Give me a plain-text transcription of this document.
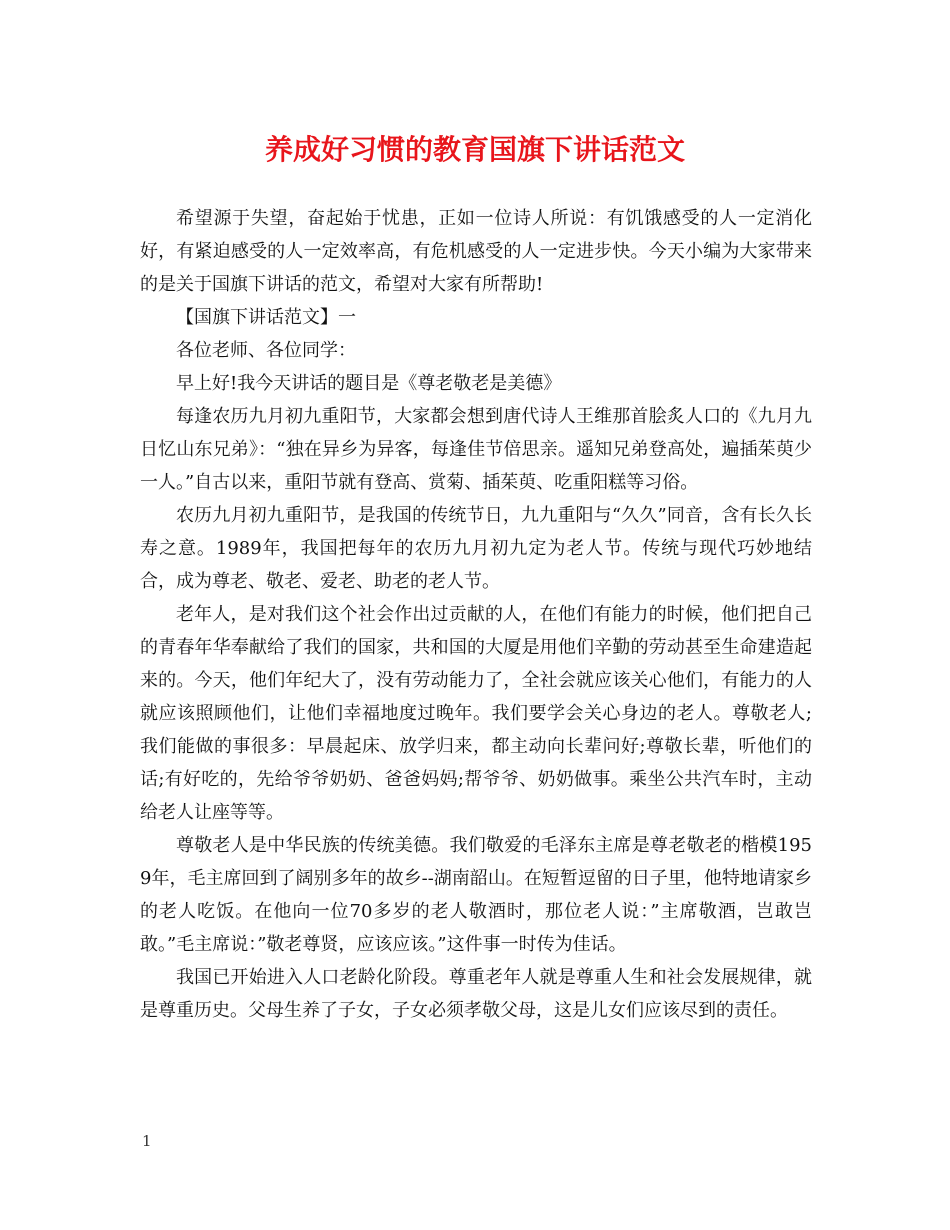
养成好习惯的教育国旗下讲话范文

希望源于失望，奋起始于忧患，正如一位诗人所说：有饥饿感受的人一定消化好，有紧迫感受的人一定效率高，有危机感受的人一定进步快。今天小编为大家带来的是关于国旗下讲话的范文，希望对大家有所帮助!

【国旗下讲话范文】一

各位老师、各位同学：

早上好!我今天讲话的题目是《尊老敬老是美德》

每逢农历九月初九重阳节，大家都会想到唐代诗人王维那首脍炙人口的《九月九日忆山东兄弟》：“独在异乡为异客，每逢佳节倍思亲。遥知兄弟登高处，遍插茱萸少一人。”自古以来，重阳节就有登高、赏菊、插茱萸、吃重阳糕等习俗。

农历九月初九重阳节，是我国的传统节日，九九重阳与“久久”同音，含有长久长寿之意。1989年，我国把每年的农历九月初九定为老人节。传统与现代巧妙地结合，成为尊老、敬老、爱老、助老的老人节。

老年人，是对我们这个社会作出过贡献的人，在他们有能力的时候，他们把自己的青春年华奉献给了我们的国家，共和国的大厦是用他们辛勤的劳动甚至生命建造起来的。今天，他们年纪大了，没有劳动能力了，全社会就应该关心他们，有能力的人就应该照顾他们，让他们幸福地度过晚年。我们要学会关心身边的老人。尊敬老人;我们能做的事很多：早晨起床、放学归来，都主动向长辈问好;尊敬长辈，听他们的话;有好吃的，先给爷爷奶奶、爸爸妈妈;帮爷爷、奶奶做事。乘坐公共汽车时，主动给老人让座等等。

尊敬老人是中华民族的传统美德。我们敬爱的毛泽东主席是尊老敬老的楷模1959年，毛主席回到了阔别多年的故乡--湖南韶山。在短暂逗留的日子里，他特地请家乡的老人吃饭。在他向一位70多岁的老人敬酒时，那位老人说：”主席敬酒，岂敢岂敢。”毛主席说：”敬老尊贤，应该应该。”这件事一时传为佳话。

我国已开始进入人口老龄化阶段。尊重老年人就是尊重人生和社会发展规律，就是尊重历史。父母生养了子女，子女必须孝敬父母，这是儿女们应该尽到的责任。

1
